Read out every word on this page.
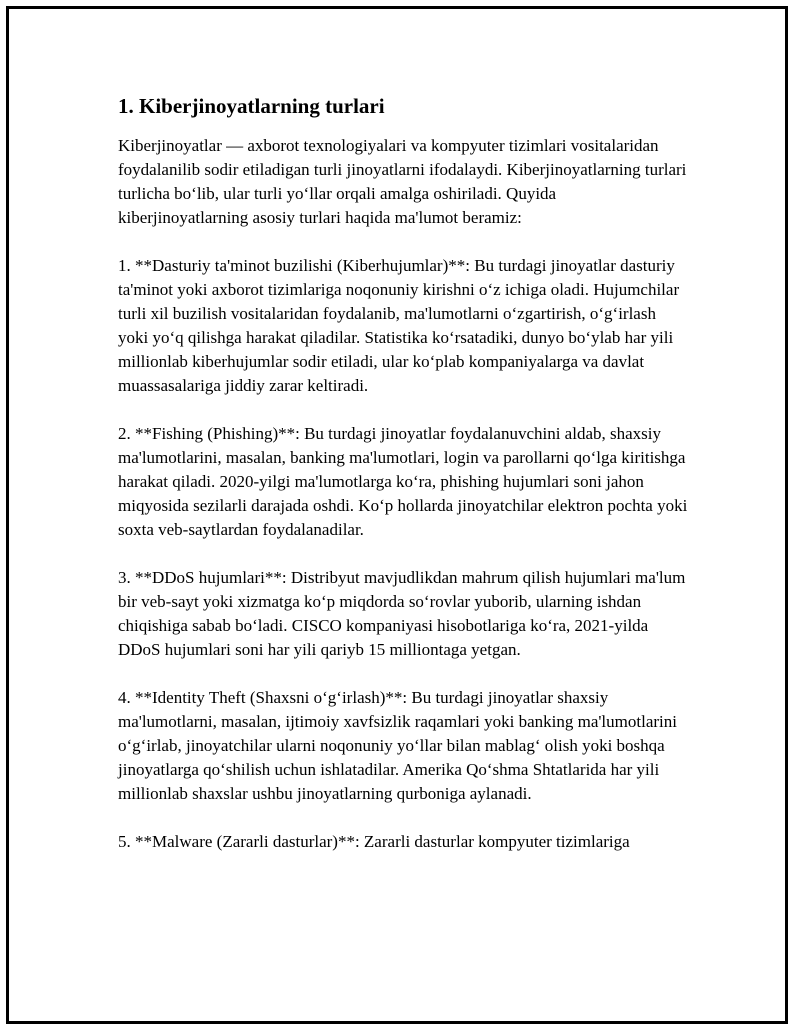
1. Kiberjinoyatlarning turlari

Kiberjinoyatlar — axborot texnologiyalari va kompyuter tizimlari vositalaridan foydalanilib sodir etiladigan turli jinoyatlarni ifodalaydi. Kiberjinoyatlarning turlari turlicha bo‘lib, ular turli yo‘llar orqali amalga oshiriladi. Quyida kiberjinoyatlarning asosiy turlari haqida ma'lumot beramiz:

1. **Dasturiy ta'minot buzilishi (Kiberhujumlar)**: Bu turdagi jinoyatlar dasturiy ta'minot yoki axborot tizimlariga noqonuniy kirishni o‘z ichiga oladi. Hujumchilar turli xil buzilish vositalaridan foydalanib, ma'lumotlarni o‘zgartirish, o‘g‘irlash yoki yo‘q qilishga harakat qiladilar. Statistika ko‘rsatadiki, dunyo bo‘ylab har yili millionlab kiberhujumlar sodir etiladi, ular ko‘plab kompaniyalarga va davlat muassasalariga jiddiy zarar keltiradi.

2. **Fishing (Phishing)**: Bu turdagi jinoyatlar foydalanuvchini aldab, shaxsiy ma'lumotlarini, masalan, banking ma'lumotlari, login va parollarni qo‘lga kiritishga harakat qiladi. 2020-yilgi ma'lumotlarga ko‘ra, phishing hujumlari soni jahon miqyosida sezilarli darajada oshdi. Ko‘p hollarda jinoyatchilar elektron pochta yoki soxta veb-saytlardan foydalanadilar.

3. **DDoS hujumlari**: Distribyut mavjudlikdan mahrum qilish hujumlari ma'lum bir veb-sayt yoki xizmatga ko‘p miqdorda so‘rovlar yuborib, ularning ishdan chiqishiga sabab bo‘ladi. CISCO kompaniyasi hisobotlariga ko‘ra, 2021-yilda DDoS hujumlari soni har yili qariyb 15 milliontaga yetgan.

4. **Identity Theft (Shaxsni o‘g‘irlash)**: Bu turdagi jinoyatlar shaxsiy ma'lumotlarni, masalan, ijtimoiy xavfsizlik raqamlari yoki banking ma'lumotlarini o‘g‘irlab, jinoyatchilar ularni noqonuniy yo‘llar bilan mablag‘ olish yoki boshqa jinoyatlarga qo‘shilish uchun ishlatadilar. Amerika Qo‘shma Shtatlarida har yili millionlab shaxslar ushbu jinoyatlarning qurboniga aylanadi.

5. **Malware (Zararli dasturlar)**: Zararli dasturlar kompyuter tizimlariga
